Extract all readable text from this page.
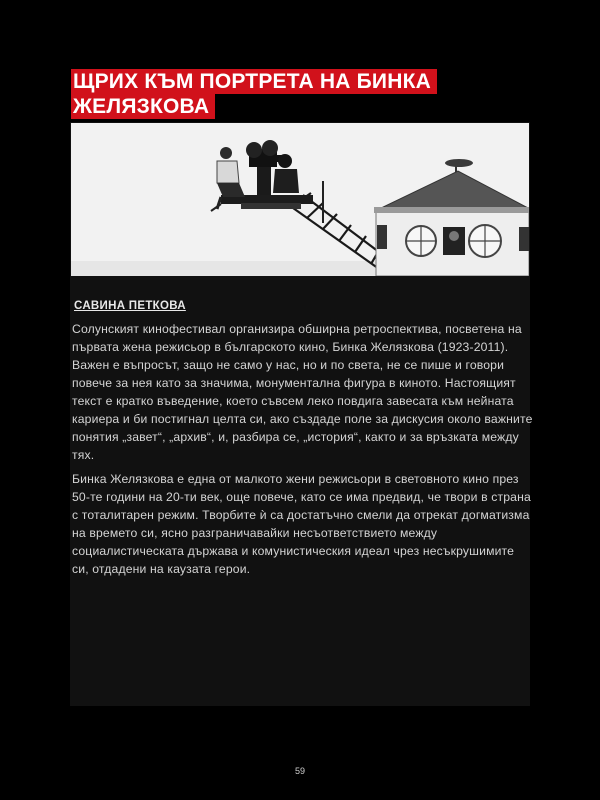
ЩРИХ КЪМ ПОРТРЕТА НА БИНКА
ЖЕЛЯЗКОВА
САВИНА ПЕТКОВА

Солунският кинофестивал организира обширна ретроспектива, посветена на първата жена режисьор в българското кино, Бинка Желязкова (1923-2011). Важен е въпросът, защо не само у нас, но и по света, не се пише и говори повече за нея като за значима, монументална фигура в киното. Настоящият текст е кратко въведение, което съвсем леко повдига завесата към нейната кариера и би постигнал целта си, ако създаде поле за дискусия около важните понятия „завет“, „архив“, и, разбира се, „история“, както и за връзката между тях.

Бинка Желязкова е една от малкото жени режисьори в световното кино през 50-те години на 20-ти век, още повече, като се има предвид, че твори в страна с тоталитарен режим. Творбите ѝ са достатъчно смели да отрекат догматизма на времето си, ясно разграничавайки несъответствието между социалистическата държава и комунистическия идеал чрез несъкрушимите си, отдадени на каузата герои.

59
